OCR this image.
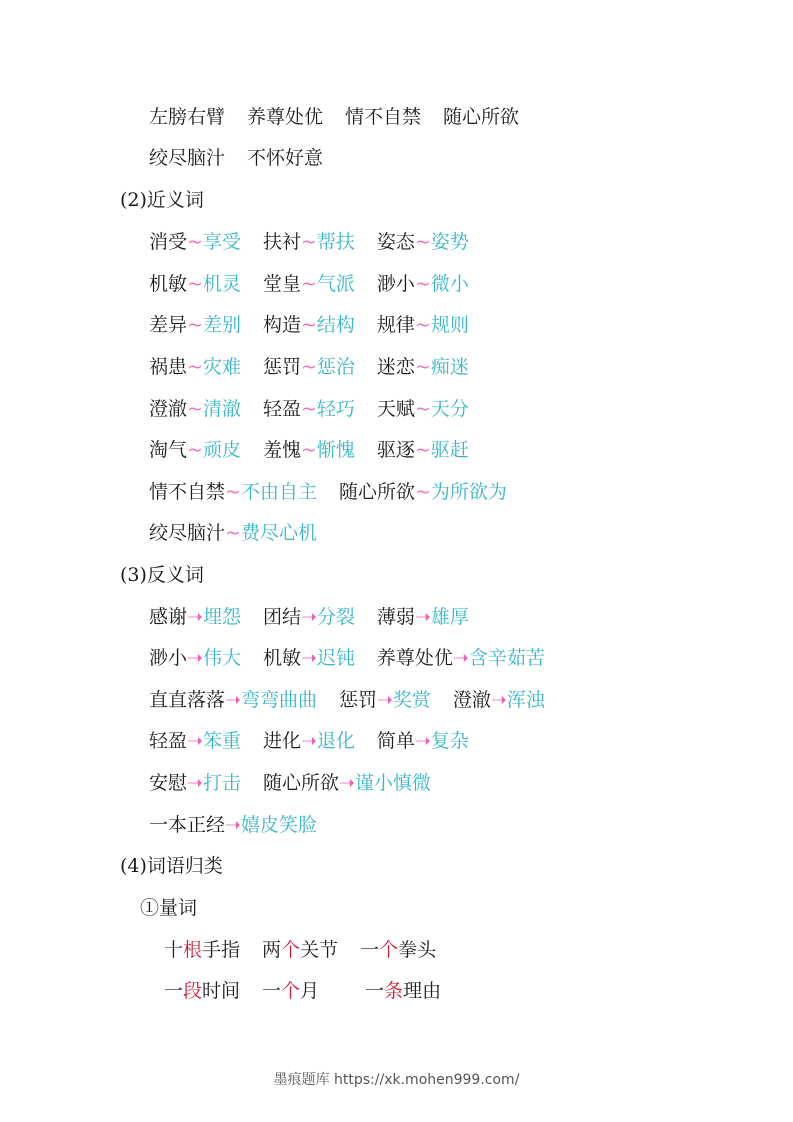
左膀右臂 养尊处优 情不自禁 随心所欲
绞尽脑汁 不怀好意
(2)近义词
消受~享受 扶衬~帮扶 姿态~姿势
机敏~机灵 堂皇~气派 渺小~微小
差异~差别 构造~结构 规律~规则
祸患~灾难 惩罚~惩治 迷恋~痴迷
澄澈~清澈 轻盈~轻巧 天赋~天分
淘气~顽皮 羞愧~惭愧 驱逐~驱赶
情不自禁~不由自主 随心所欲~为所欲为
绞尽脑汁~费尽心机
(3)反义词
感谢➝埋怨 团结➝分裂 薄弱➝雄厚
渺小➝伟大 机敏➝迟钝 养尊处优➝含辛茹苦
直直落落➝弯弯曲曲 惩罚➝奖赏 澄澈➝浑浊
轻盈➝笨重 进化➝退化 简单➝复杂
安慰➝打击 随心所欲➝谨小慎微
一本正经➝嬉皮笑脸
(4)词语归类
①量词
十根手指 两个关节 一个拳头
一段时间 一个月 一条理由
墨痕题库 https://xk.mohen999.com/
